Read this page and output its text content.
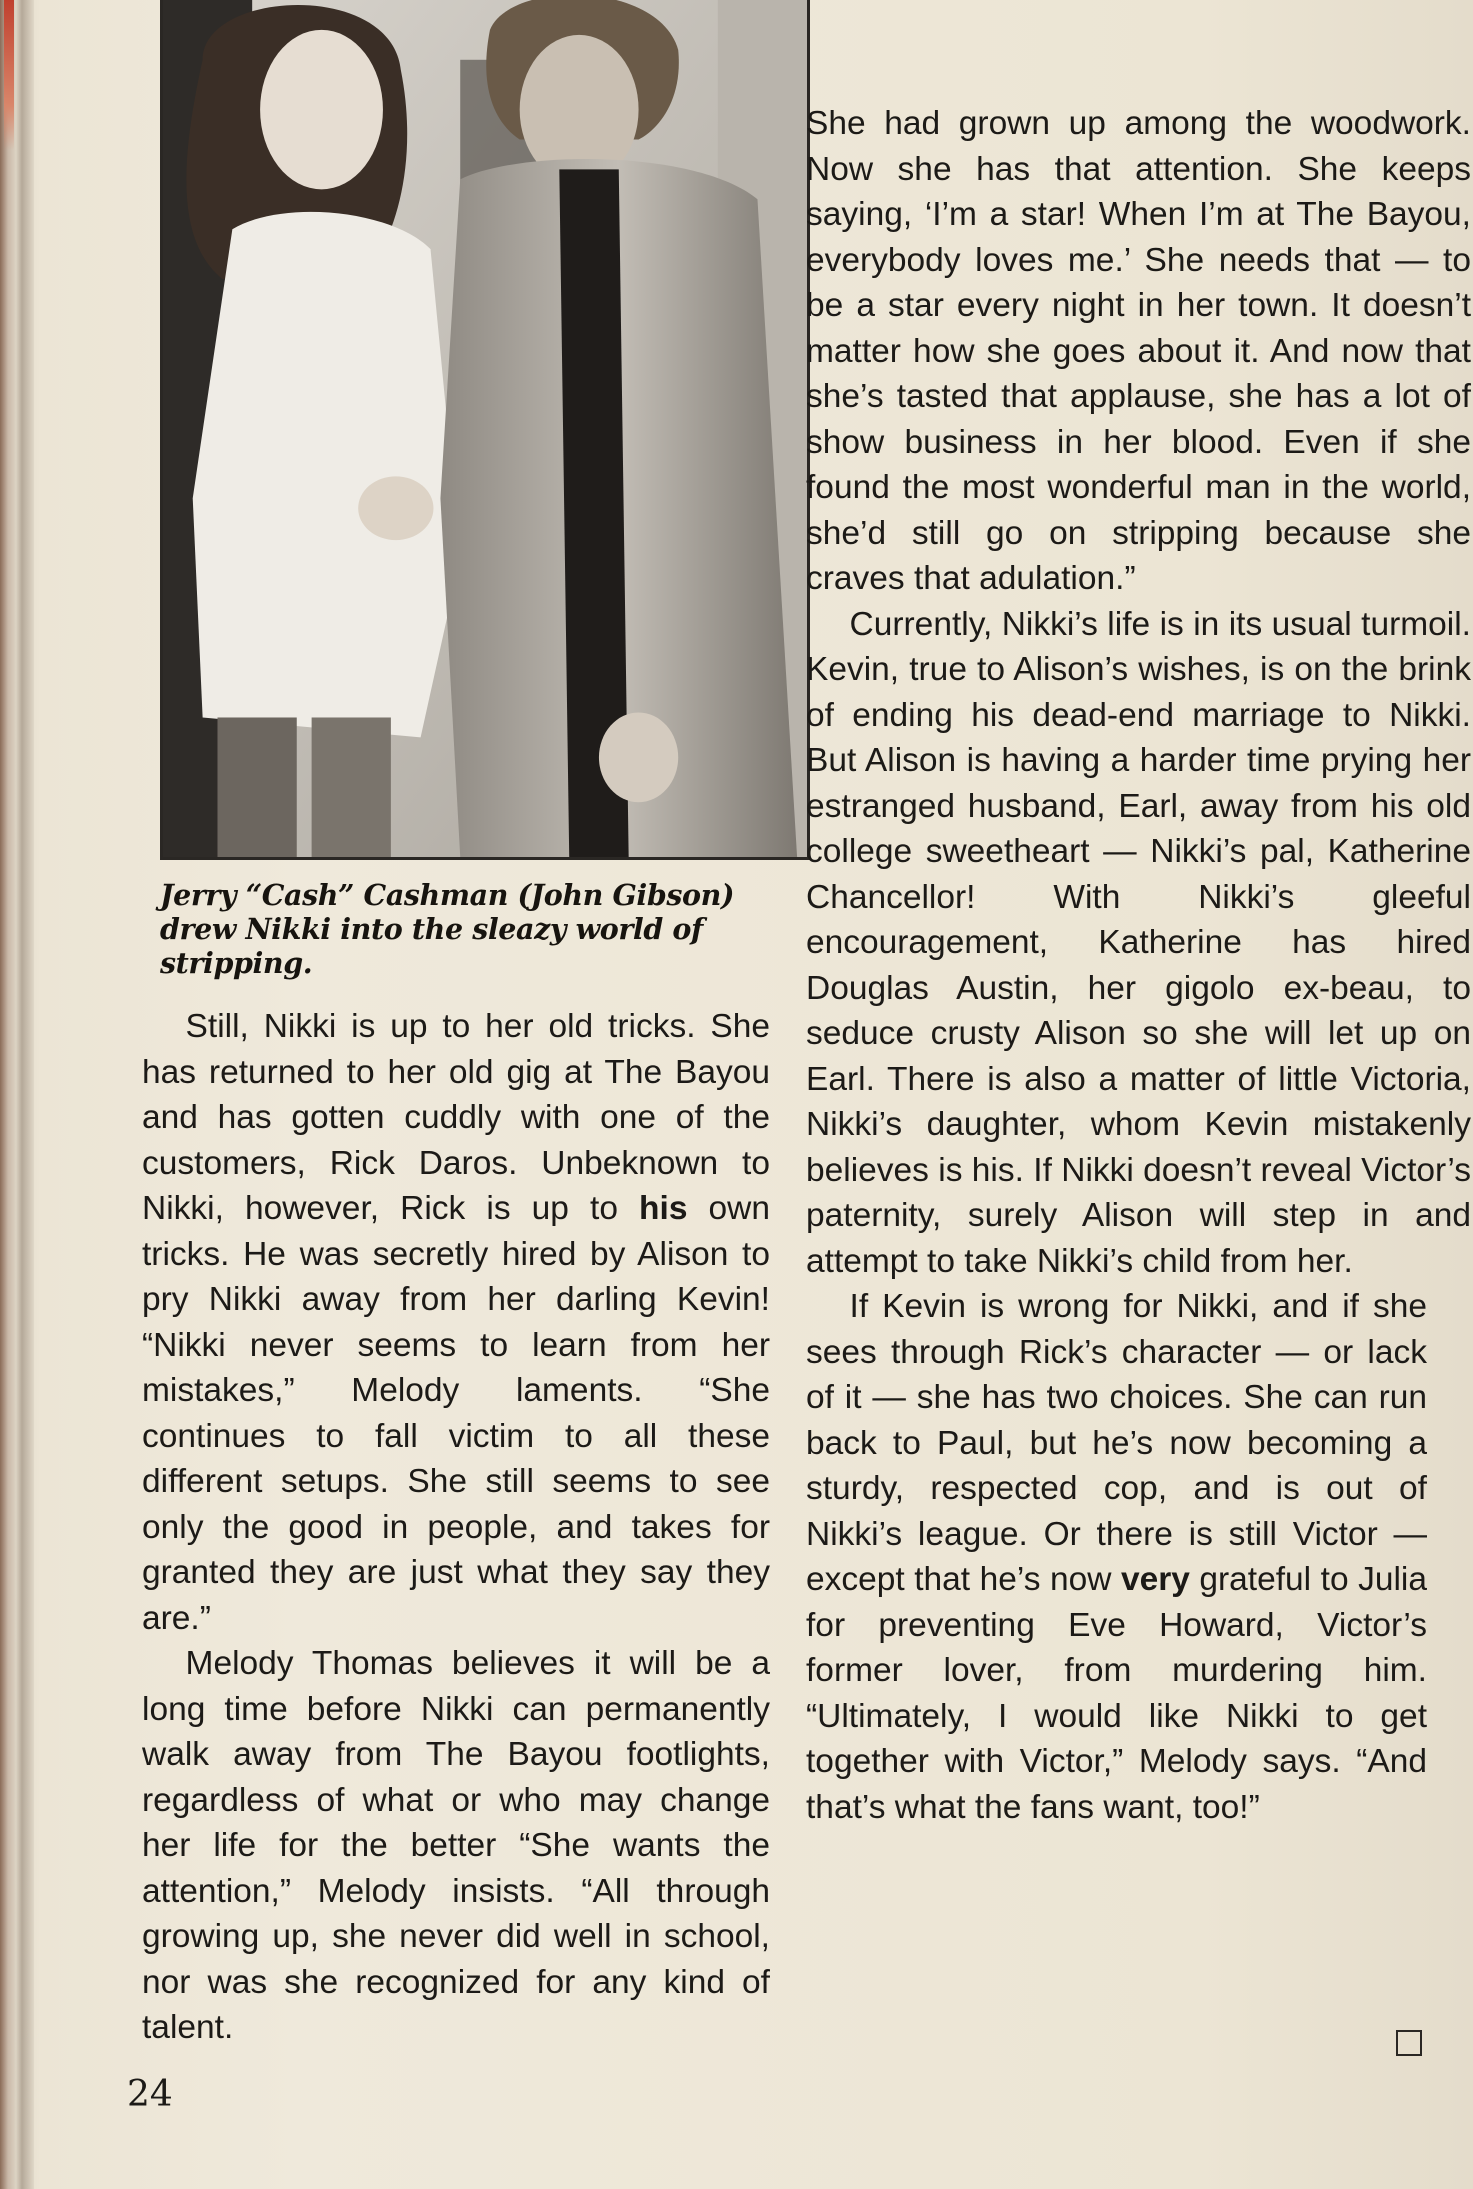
Jerry “Cash” Cashman (John Gibson) drew Nikki into the sleazy world of stripping.

Still, Nikki is up to her old tricks. She has returned to her old gig at The Bayou and has gotten cuddly with one of the customers, Rick Daros. Unbeknown to Nikki, however, Rick is up to his own tricks. He was secretly hired by Alison to pry Nikki away from her darling Kevin! “Nikki never seems to learn from her mistakes,” Melody laments. “She continues to fall victim to all these different setups. She still seems to see only the good in people, and takes for granted they are just what they say they are.”

Melody Thomas believes it will be a long time before Nikki can permanently walk away from The Bayou footlights, regardless of what or who may change her life for the better “She wants the attention,” Melody insists. “All through growing up, she never did well in school, nor was she recognized for any kind of talent.

She had grown up among the woodwork. Now she has that attention. She keeps saying, ‘I’m a star! When I’m at The Bayou, everybody loves me.’ She needs that — to be a star every night in her town. It doesn’t matter how she goes about it. And now that she’s tasted that applause, she has a lot of show business in her blood. Even if she found the most wonderful man in the world, she’d still go on stripping because she craves that adulation.”

Currently, Nikki’s life is in its usual turmoil. Kevin, true to Alison’s wishes, is on the brink of ending his dead-end marriage to Nikki. But Alison is having a harder time prying her estranged husband, Earl, away from his old college sweetheart — Nikki’s pal, Katherine Chancellor! With Nikki’s gleeful encouragement, Katherine has hired Douglas Austin, her gigolo ex-beau, to seduce crusty Alison so she will let up on Earl. There is also a matter of little Victoria, Nikki’s daughter, whom Kevin mistakenly believes is his. If Nikki doesn’t reveal Victor’s paternity, surely Alison will step in and attempt to take Nikki’s child from her.

If Kevin is wrong for Nikki, and if she sees through Rick’s character — or lack of it — she has two choices. She can run back to Paul, but he’s now becoming a sturdy, respected cop, and is out of Nikki’s league. Or there is still Victor — except that he’s now very grateful to Julia for preventing Eve Howard, Victor’s former lover, from murdering him. “Ultimately, I would like Nikki to get together with Victor,” Melody says. “And that’s what the fans want, too!”

24
